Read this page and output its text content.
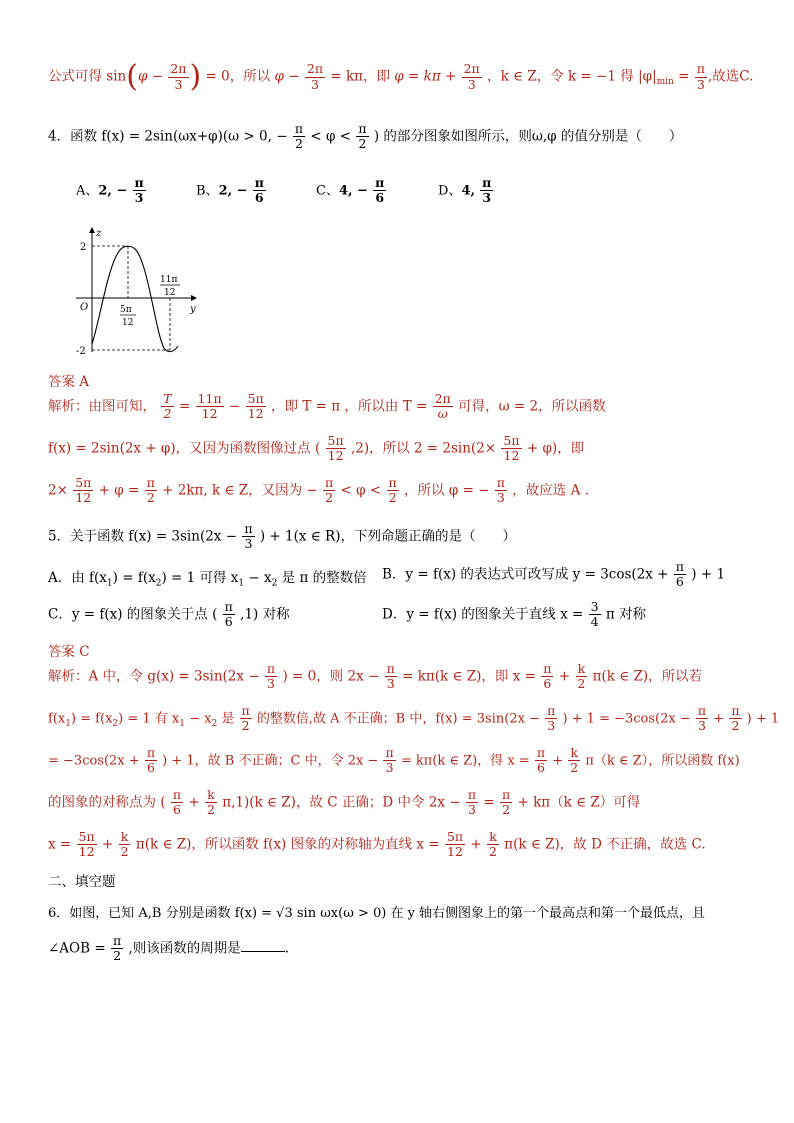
公式可得 $\sin(\varphi - \frac{2\pi}{3}$ ) = 0，所以 $\varphi - \frac{2\pi}{3} = k\pi$，即 $\varphi = k\pi + \frac{2\pi}{3}$ ，k ∈ Z，令 k = −1 得 $|\varphi|_{min} = \frac{\pi}{3}$ ,故选C.
4．函数 f(x) = 2sin(ωx+φ)(ω > 0, − $\frac{\pi}{2} < \varphi < \frac{\pi}{2}$ ) 的部分图象如图所示，则ω,φ 的值分别是（　　）
A、2, − $\frac{\pi}{3}$	B、2, − $\frac{\pi}{6}$	C、4, − $\frac{\pi}{6}$	D、4, $\frac{\pi}{3}$
z
y
O
2
-2
5π
12
11π
12
答案 A
解析：由图可知， $\frac{T}{2} = \frac{11\pi}{12} - \frac{5\pi}{12}$ ，即 T = π ，所以由 $T = \frac{2\pi}{\omega}$ 可得，ω = 2，所以函数
f(x) = 2sin(2x + φ)，又因为函数图像过点 ( $\frac{5\pi}{12} ,2$)，所以 $2 = 2\sin(2\times \frac{5\pi}{12} + \varphi)$，即
$2\times \frac{5\pi}{12} + \varphi = \frac{\pi}{2} + 2k\pi$, k ∈ Z，又因为 − $\frac{\pi}{2} < \varphi < \frac{\pi}{2}$ ，所以 φ = − $\frac{\pi}{3}$ ，故应选 A .
5．关于函数 $f(x) = 3\sin(2x - \frac{\pi}{3}$ ) + 1(x ∈ R)，下列命题正确的是（　　）
A．由 $f(x_1) = f(x_2) = 1$ 可得 $x_1 - x_2$ 是 π 的整数倍 B．y = f(x) 的表达式可改写成 $y = 3\cos(2x + \frac{\pi}{6}$ ) + 1
C．y = f(x) 的图象关于点 ( $\frac{\pi}{6} ,1$) 对称	D．y = f(x) 的图象关于直线 $x = \frac{3}{4}$ π 对称
答案 C
解析：A 中，令 $g(x) = 3\sin(2x - \frac{\pi}{3}$ ) = 0，则 $2x - \frac{\pi}{3} = k\pi(k$ ∈ Z)，即 $x = \frac{\pi}{6} + \frac{k}{2} \pi(k$ ∈ Z)，所以若
$f(x_1) = f(x_2) = 1$ 有 $x_1 - x_2$ 是 $\frac{\pi}{2}$ 的整数倍,故 A 不正确；B 中，$f(x) = 3\sin(2x - \frac{\pi}{3}$ ) + $1 = -3\cos(2x - \frac{\pi}{3} + \frac{\pi}{2}$ ) + 1
= $-3\cos(2x + \frac{\pi}{6}$ ) + 1，故 B 不正确；C 中，令 $2x - \frac{\pi}{3} = k\pi(k$ ∈ Z)，得 $x = \frac{\pi}{6} + \frac{k}{2} \pi(k$ ∈ Z），所以函数 f(x)
的图象的对称点为 ( $\frac{\pi}{6} + \frac{k}{2} \pi,1)(k$ ∈ Z)，故 C 正确；D 中令 $2x - \frac{\pi}{3} = \frac{\pi}{2} + k\pi(k$ ∈ Z）可得
$x = \frac{5\pi}{12} + \frac{k}{2} \pi(k$ ∈ Z)，所以函数 f(x) 图象的对称轴为直线 $x = \frac{5\pi}{12} + \frac{k}{2} \pi(k$ ∈ Z)，故 D 不正确，故选 C.
二、填空题
6．如图，已知 A,B 分别是函数 f(x) = √3 sin ωx(ω > 0) 在 y 轴右侧图象上的第一个最高点和第一个最低点，且
∠AOB = $\frac{\pi}{2}$ ,则该函数的周期是	.
